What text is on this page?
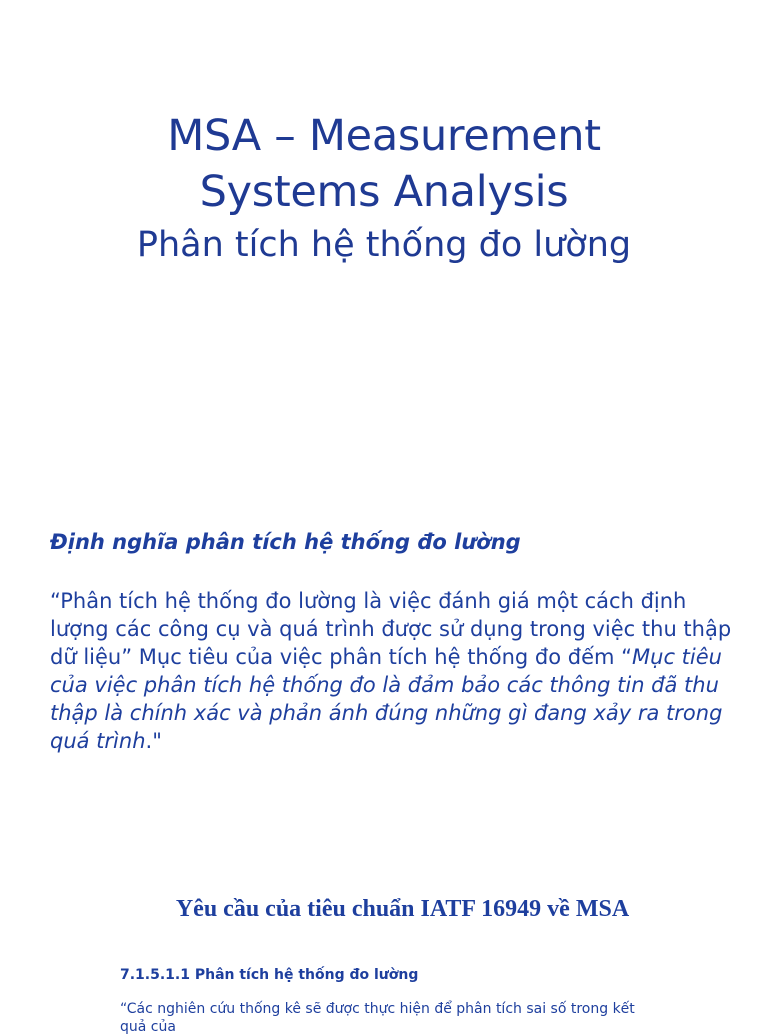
MSA – Measurement
Systems Analysis
Phân tích hệ thống đo lường
Định nghĩa phân tích hệ thống đo lường
“Phân tích hệ thống đo lường là việc đánh giá một cách định lượng các công cụ và quá trình được sử dụng trong việc thu thập dữ liệu” Mục tiêu của việc phân tích hệ thống đo đếm “Mục tiêu của việc phân tích hệ thống đo là đảm bảo các thông tin đã thu thập là chính xác và phản ánh đúng những gì đang xảy ra trong quá trình."
Yêu cầu của tiêu chuẩn IATF 16949 về MSA
7.1.5.1.1 Phân tích hệ thống đo lường
“Các nghiên cứu thống kê sẽ được thực hiện để phân tích sai số trong kết quả của
